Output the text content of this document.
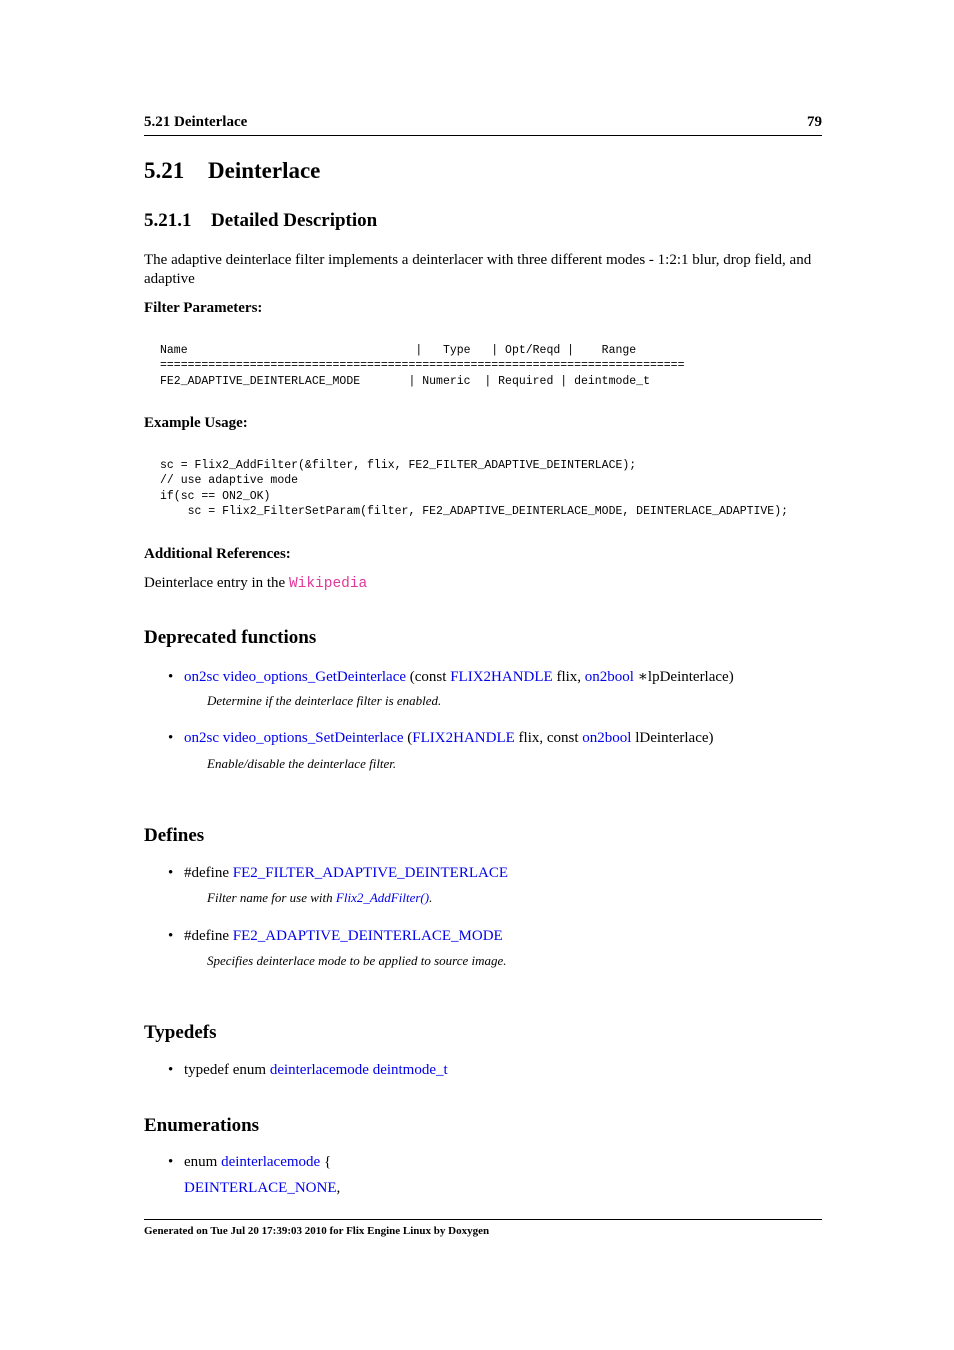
5.21 Deinterlace	79
5.21 Deinterlace
5.21.1 Detailed Description
The adaptive deinterlace filter implements a deinterlacer with three different modes - 1:2:1 blur, drop field, and adaptive
Filter Parameters:
Name                                 |   Type   | Opt/Reqd |    Range
============================================================================
FE2_ADAPTIVE_DEINTERLACE_MODE       | Numeric  | Required | deintmode_t
Example Usage:
sc = Flix2_AddFilter(&filter, flix, FE2_FILTER_ADAPTIVE_DEINTERLACE);
// use adaptive mode
if(sc == ON2_OK)
sc = Flix2_FilterSetParam(filter, FE2_ADAPTIVE_DEINTERLACE_MODE, DEINTERLACE_ADAPTIVE);
Additional References:
Deinterlace entry in the Wikipedia
Deprecated functions
• on2sc video_options_GetDeinterlace (const FLIX2HANDLE flix, on2bool ∗lpDeinterlace)
Determine if the deinterlace filter is enabled.
• on2sc video_options_SetDeinterlace (FLIX2HANDLE flix, const on2bool lDeinterlace)
Enable/disable the deinterlace filter.
Defines
• #define FE2_FILTER_ADAPTIVE_DEINTERLACE
Filter name for use with Flix2_AddFilter().
• #define FE2_ADAPTIVE_DEINTERLACE_MODE
Specifies deinterlace mode to be applied to source image.
Typedefs
• typedef enum deinterlacemode deintmode_t
Enumerations
• enum deinterlacemode {
DEINTERLACE_NONE,
Generated on Tue Jul 20 17:39:03 2010 for Flix Engine Linux by Doxygen
